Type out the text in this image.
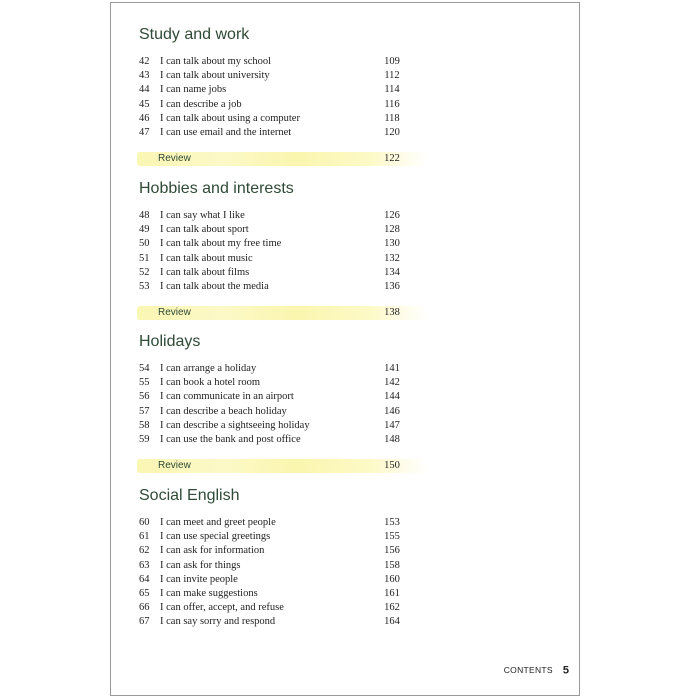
Study and work
42	I can talk about my school	109
43	I can talk about university	112
44	I can name jobs	114
45	I can describe a job	116
46	I can talk about using a computer	118
47	I can use email and the internet	120
Review	122
Hobbies and interests
48	I can say what I like	126
49	I can talk about sport	128
50	I can talk about my free time	130
51	I can talk about music	132
52	I can talk about films	134
53	I can talk about the media	136
Review	138
Holidays
54	I can arrange a holiday	141
55	I can book a hotel room	142
56	I can communicate in an airport	144
57	I can describe a beach holiday	146
58	I can describe a sightseeing holiday	147
59	I can use the bank and post office	148
Review	150
Social English
60	I can meet and greet people	153
61	I can use special greetings	155
62	I can ask for information	156
63	I can ask for things	158
64	I can invite people	160
65	I can make suggestions	161
66	I can offer, accept, and refuse	162
67	I can say sorry and respond	164
CONTENTS 5
